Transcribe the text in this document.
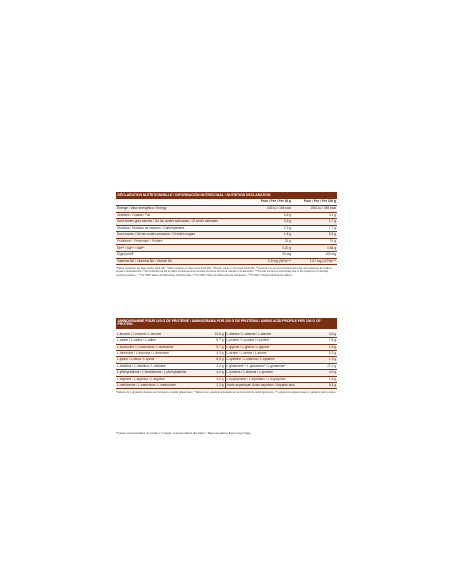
DÉCLARATION NUTRITIONNELLE / INFORMACIÓN NUTRICIONAL / NUTRITION DECLARATION
	Pour / Por / Per 30 g	Pour / Por / Per 100 g
Énergie / Valor energético / Energy	443 kJ / 106 kcal	1501 kJ / 359 kcal
Graisses / Grasas / Fat	0,8 g	3,1 g
Dont acides gras saturés / De las cuales saturadas / Of which saturates	0,5 g	1,7 g
Glucides / Hidratos de carbono / Carbohydrates	2,3 g	7,7 g
Dont sucres / De las cuales azúcares / Of which sugars	1,8 g	5,4 g
Protéines* / Proteínas* / Protein*	22 g	75 g
Sel** / Sal** / Salt**	0,20 g	0,66 g
DigeZyme®	30 mg	100 mg
Vitamine B6 / Vitamina B6 / Vitamin B6	0,5 mg (36%)***	1,67 mg (119%)***
*Valeur protéique sur base sèche (Nx6,38) / *Valor proteico en base seca (Nx6,38) / *Protein value on dry basis (Nx6,38). **La teneur en sel est exclusivement due à la présence de sodium présent naturellement / **El contenido de sal se debe exclusivamente al sodio presente de forma natural en el alimento / **The salt content is exclusively due to the presence of naturally occurring sodium. / ***% VNR/ Valeur de Référence Nutritionnelle / ***% VRN / Valor de Referencia de Nutrientes / ***% NRV / Nutrient Reference Values
AMINOGRAMME POUR 100 G DE PROTÉINE / AMINOGRAMA POR 100 G DE PROTEÍNA / AMINO ACID PROFILE PER 100 G OF PROTEIN
L-leucine / L-leucina / L-leucine	10,6 g	L-alanine / L-alanina / L-alanine	3,6 g
L-valine / L-valina / L-valine	5,7 g	L-proline / L-prolina / L-proline	7,8 g
L-isoleucine / L-isoleucina / L-isoleucine	5,7 g	L-glycine / L-glicina / L-glycine	1,8 g
L-thréonine / L-treonina / L-threonine	4,3 g	L-sérine / L-serina / L-serine	5,3 g
L-lysine / L-lisina / L-lysine	8,5 g	L-cystéine / L-cisteína / L-cysteine	1,3 g
L-histidine / L-histidina / L-histidine	2,4 g	L-glutamine* / L-glutamina* / L-glutamine*	17,1 g
L-phénylalanine / L-fenilalanina / L-phenylalanine	4,2 g	L-tyrosine / L-tirosina / L-tyrosine	4,0 g
L-arginine / L-arginina / L-arginine	3,5 g	L-tryptophane / L-triptófano / L-tryptophan	1,8 g
L-méthionine / L-metionina / L-methionine	2,3 g	Acide aspartique/ Ácido aspártico / Aspartic acid	8,4 g
*Valeurs de L-glutamine basées sur la teneur en acide glutamique. / *Valores de L-glutamina basados en el contenido de ácido glutámico. / *L-glutamine values based on glutamic acid content.
*Image représentative du parfum / Imagen representativa del sabor / Representative flavouring image
